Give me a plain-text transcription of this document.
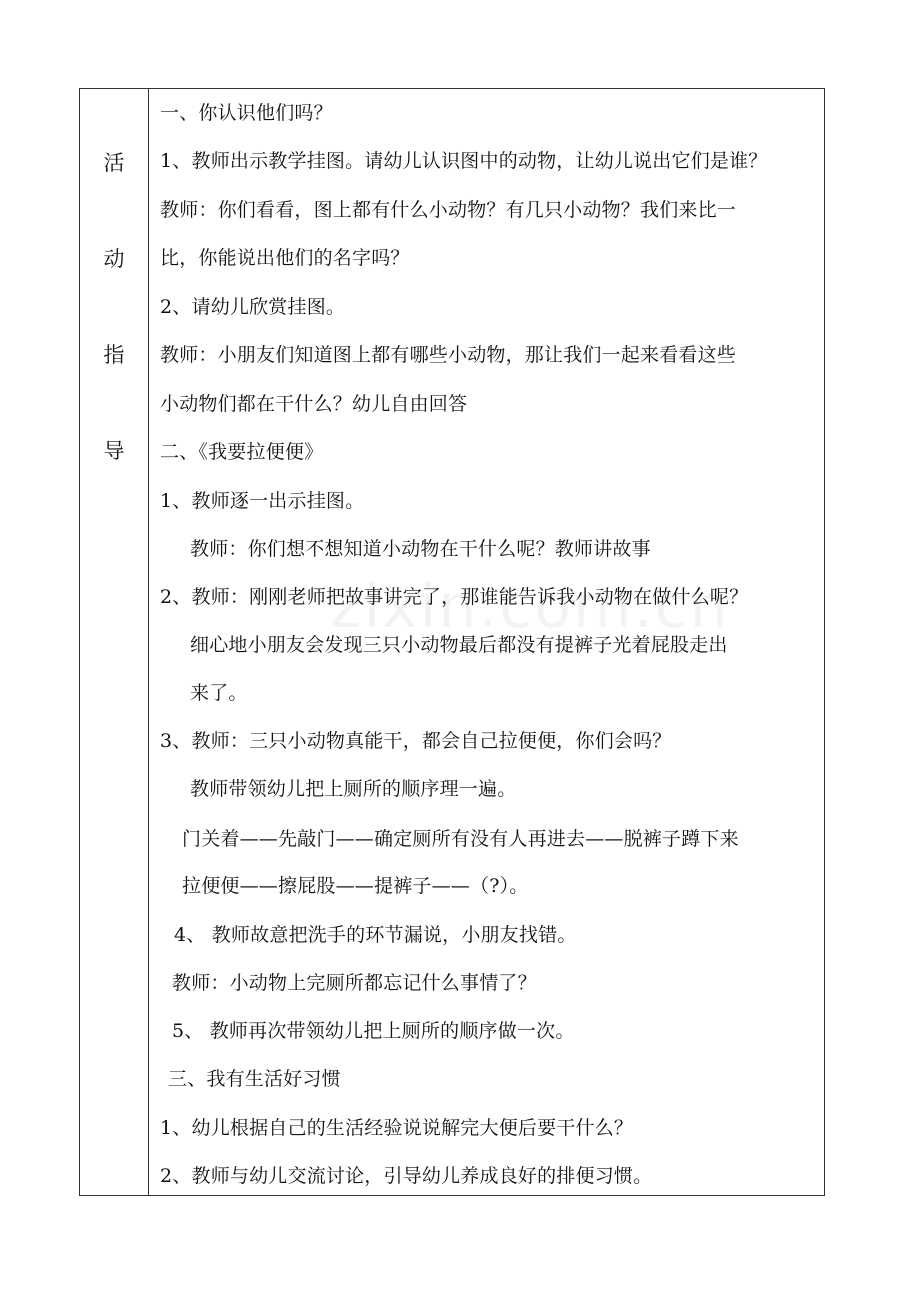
活
动
指
导
一、你认识他们吗？
1、教师出示教学挂图。请幼儿认识图中的动物，让幼儿说出它们是谁？
教师：你们看看，图上都有什么小动物？有几只小动物？我们来比一
比，你能说出他们的名字吗？
2、请幼儿欣赏挂图。
教师：小朋友们知道图上都有哪些小动物，那让我们一起来看看这些
小动物们都在干什么？幼儿自由回答
二、《我要拉便便》
1、教师逐一出示挂图。
教师：你们想不想知道小动物在干什么呢？教师讲故事
2、教师：刚刚老师把故事讲完了，那谁能告诉我小动物在做什么呢？
细心地小朋友会发现三只小动物最后都没有提裤子光着屁股走出
来了。
3、教师：三只小动物真能干，都会自己拉便便，你们会吗？
教师带领幼儿把上厕所的顺序理一遍。
门关着——先敲门——确定厕所有没有人再进去——脱裤子蹲下来
拉便便——擦屁股——提裤子——（?）。
4、 教师故意把洗手的环节漏说，小朋友找错。
教师：小动物上完厕所都忘记什么事情了？
5、 教师再次带领幼儿把上厕所的顺序做一次。
三、我有生活好习惯
1、幼儿根据自己的生活经验说说解完大便后要干什么？
2、教师与幼儿交流讨论，引导幼儿养成良好的排便习惯。
